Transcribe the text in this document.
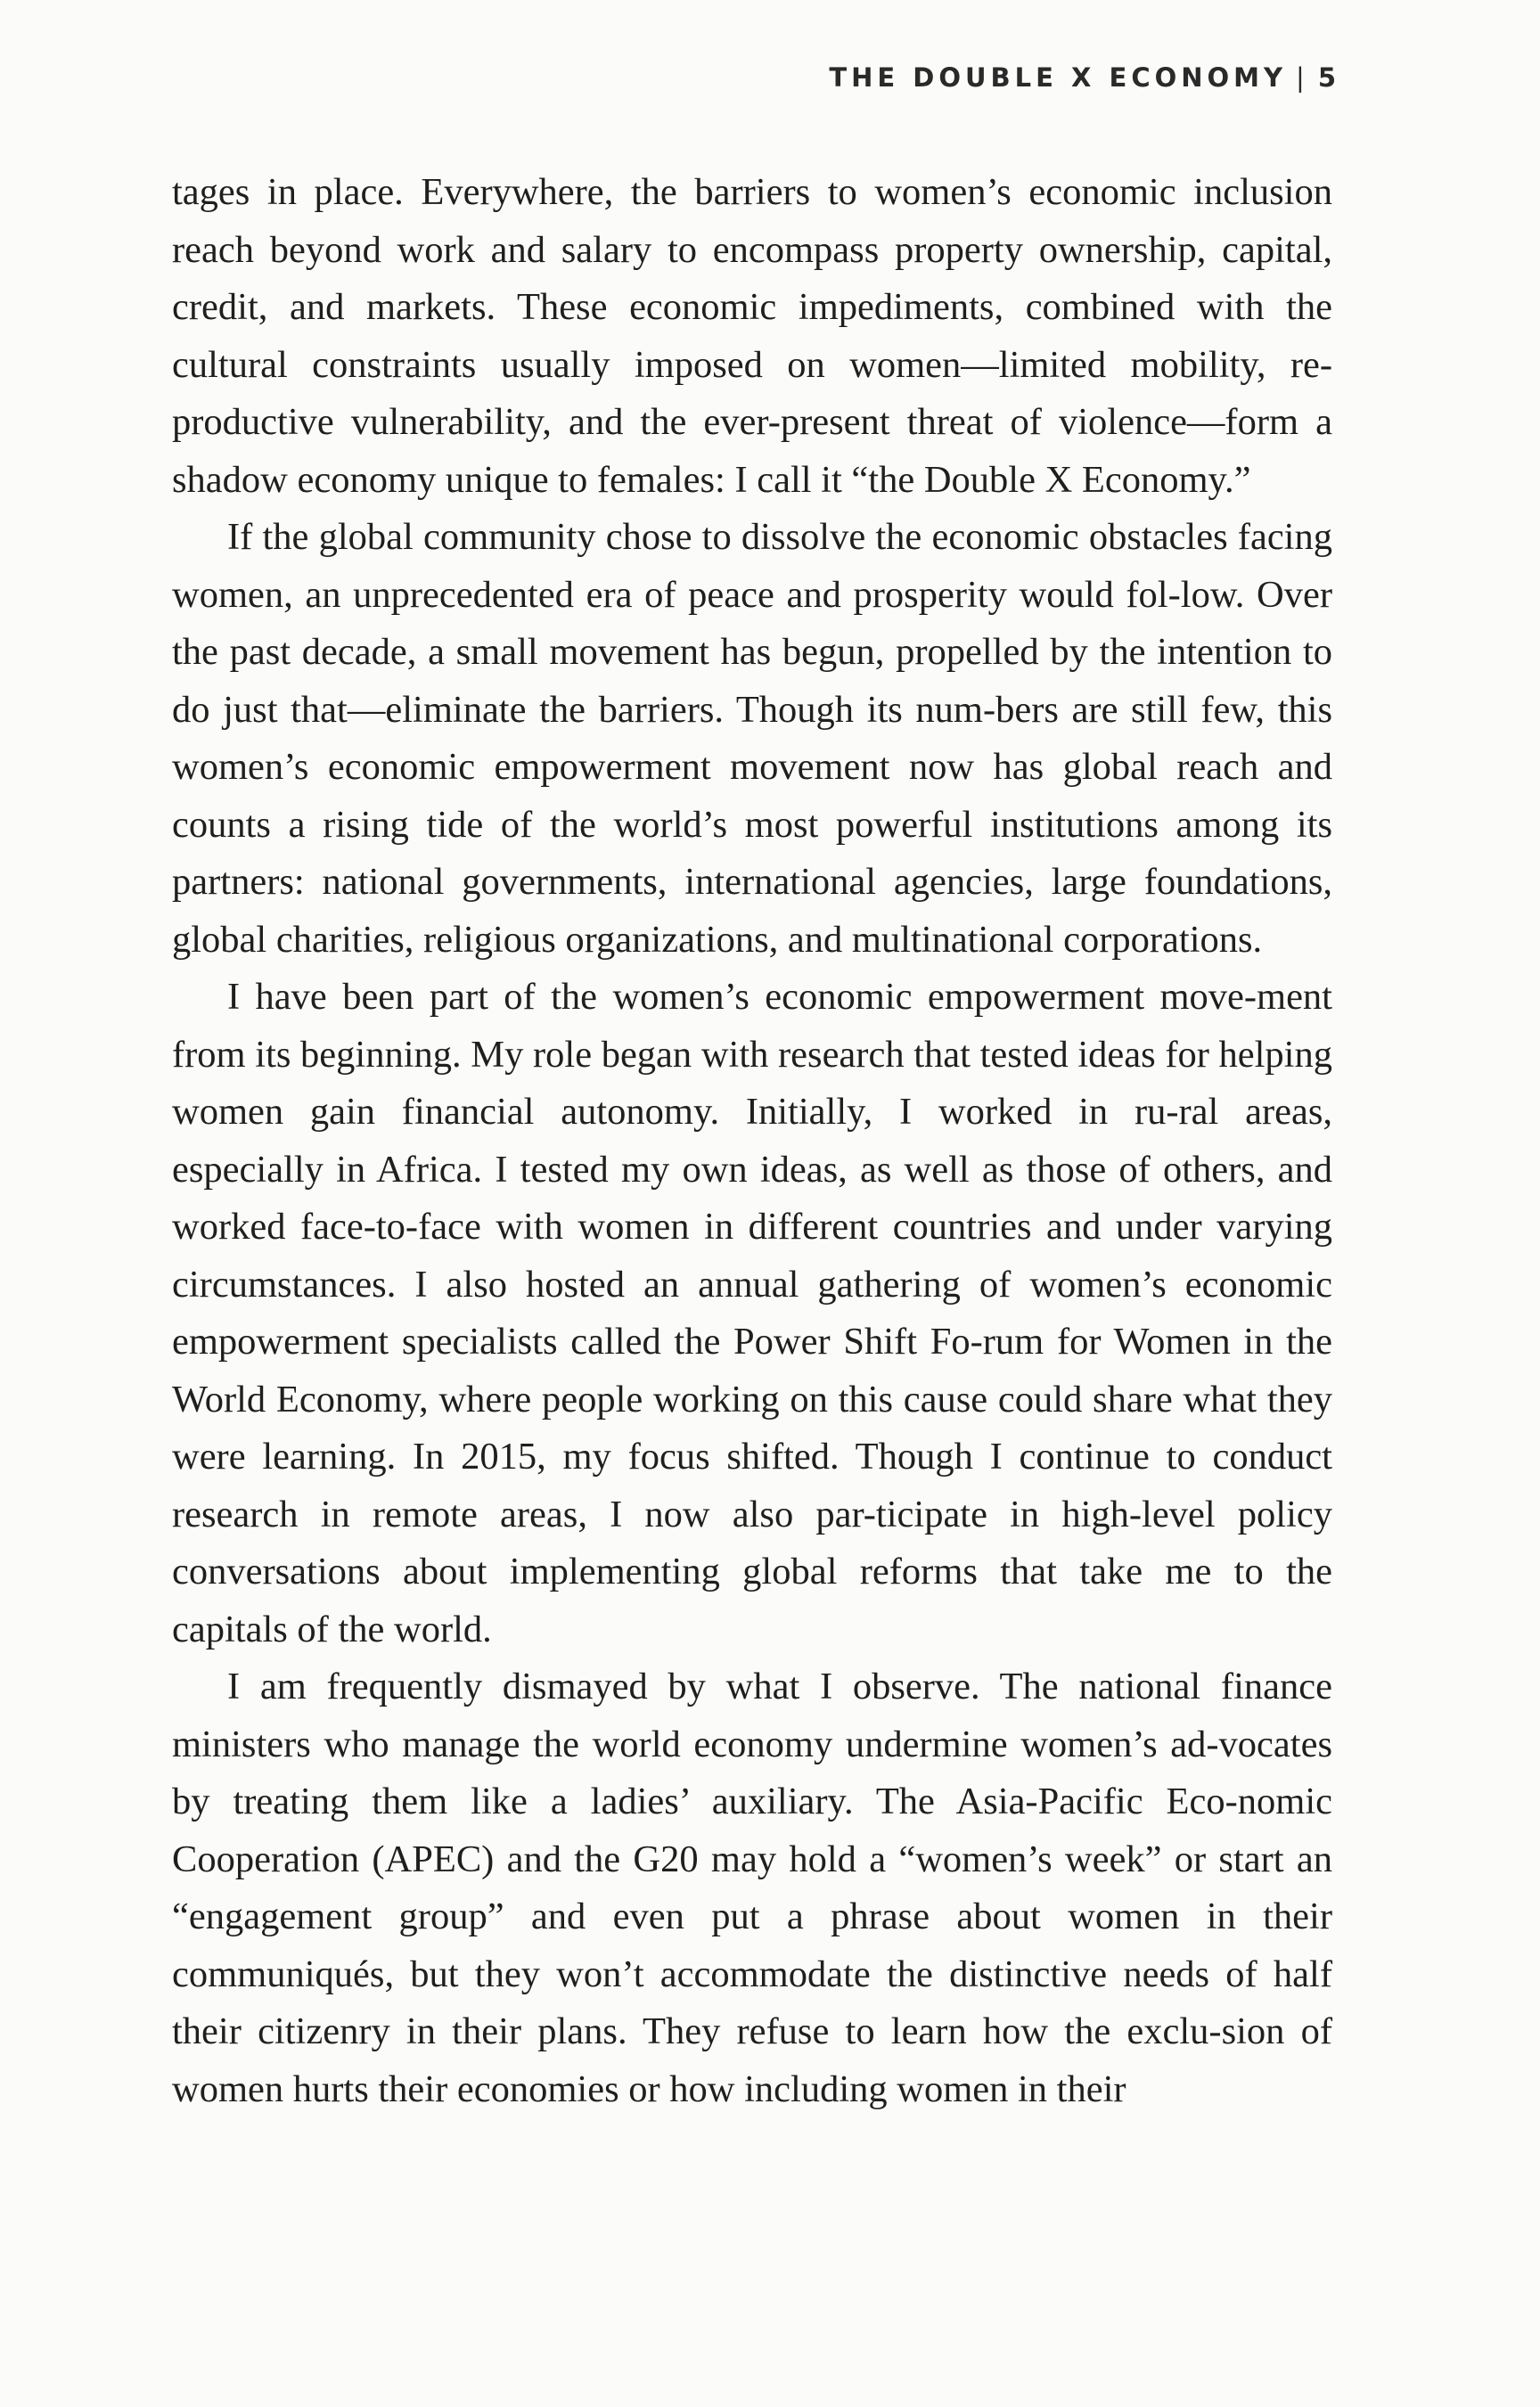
THE DOUBLE X ECONOMY | 5

tages in place. Everywhere, the barriers to women’s economic inclusion reach beyond work and salary to encompass property ownership, capital, credit, and markets. These economic impediments, combined with the cultural constraints usually imposed on women—limited mobility, re-productive vulnerability, and the ever-present threat of violence—form a shadow economy unique to females: I call it “the Double X Economy.”

If the global community chose to dissolve the economic obstacles facing women, an unprecedented era of peace and prosperity would fol-low. Over the past decade, a small movement has begun, propelled by the intention to do just that—eliminate the barriers. Though its num-bers are still few, this women’s economic empowerment movement now has global reach and counts a rising tide of the world’s most powerful institutions among its partners: national governments, international agencies, large foundations, global charities, religious organizations, and multinational corporations.

I have been part of the women’s economic empowerment move-ment from its beginning. My role began with research that tested ideas for helping women gain financial autonomy. Initially, I worked in ru-ral areas, especially in Africa. I tested my own ideas, as well as those of others, and worked face-to-face with women in different countries and under varying circumstances. I also hosted an annual gathering of women’s economic empowerment specialists called the Power Shift Fo-rum for Women in the World Economy, where people working on this cause could share what they were learning. In 2015, my focus shifted. Though I continue to conduct research in remote areas, I now also par-ticipate in high-level policy conversations about implementing global reforms that take me to the capitals of the world.

I am frequently dismayed by what I observe. The national finance ministers who manage the world economy undermine women’s ad-vocates by treating them like a ladies’ auxiliary. The Asia-Pacific Eco-nomic Cooperation (APEC) and the G20 may hold a “women’s week” or start an “engagement group” and even put a phrase about women in their communiqués, but they won’t accommodate the distinctive needs of half their citizenry in their plans. They refuse to learn how the exclu-sion of women hurts their economies or how including women in their
